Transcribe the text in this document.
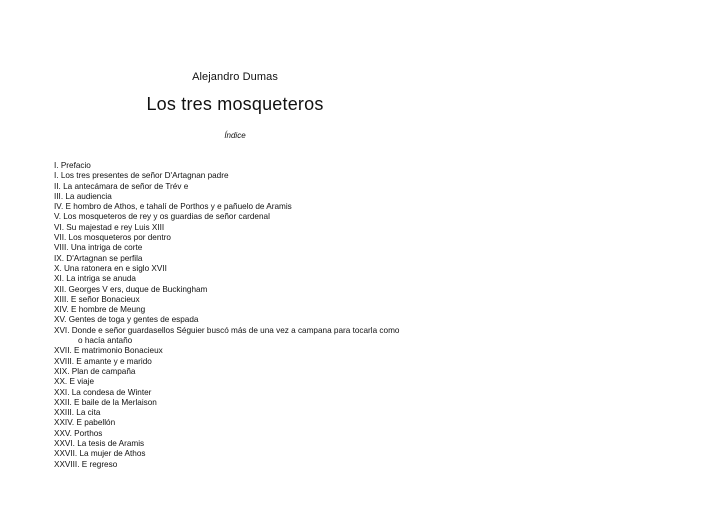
Alejandro Dumas
Los tres mosqueteros
Índice
I. Prefacio
I. Los tres presentes de señor D'Artagnan padre
II. La antecámara de señor de Trév e
III. La audiencia
IV. E hombro de Athos, e tahalí de Porthos y e pañuelo de Aramis
V. Los mosqueteros de rey y os guardias de señor cardenal
VI. Su majestad e rey Luis XIII
VII. Los mosqueteros por dentro
VIII. Una intriga de corte
IX. D'Artagnan se perfila
X. Una ratonera en e siglo XVII
XI. La intriga se anuda
XII. Georges V ers, duque de Buckingham
XIII. E señor Bonacieux
XIV. E hombre de Meung
XV. Gentes de toga y gentes de espada
XVI. Donde e señor guardasellos Séguier buscó más de una vez a campana para tocarla como
o hacía antaño
XVII. E matrimonio Bonacieux
XVIII. E amante y e marido
XIX. Plan de campaña
XX. E viaje
XXI. La condesa de Winter
XXII. E baile de la Merlaison
XXIII. La cita
XXIV. E pabellón
XXV. Porthos
XXVI. La tesis de Aramis
XXVII. La mujer de Athos
XXVIII. E regreso
